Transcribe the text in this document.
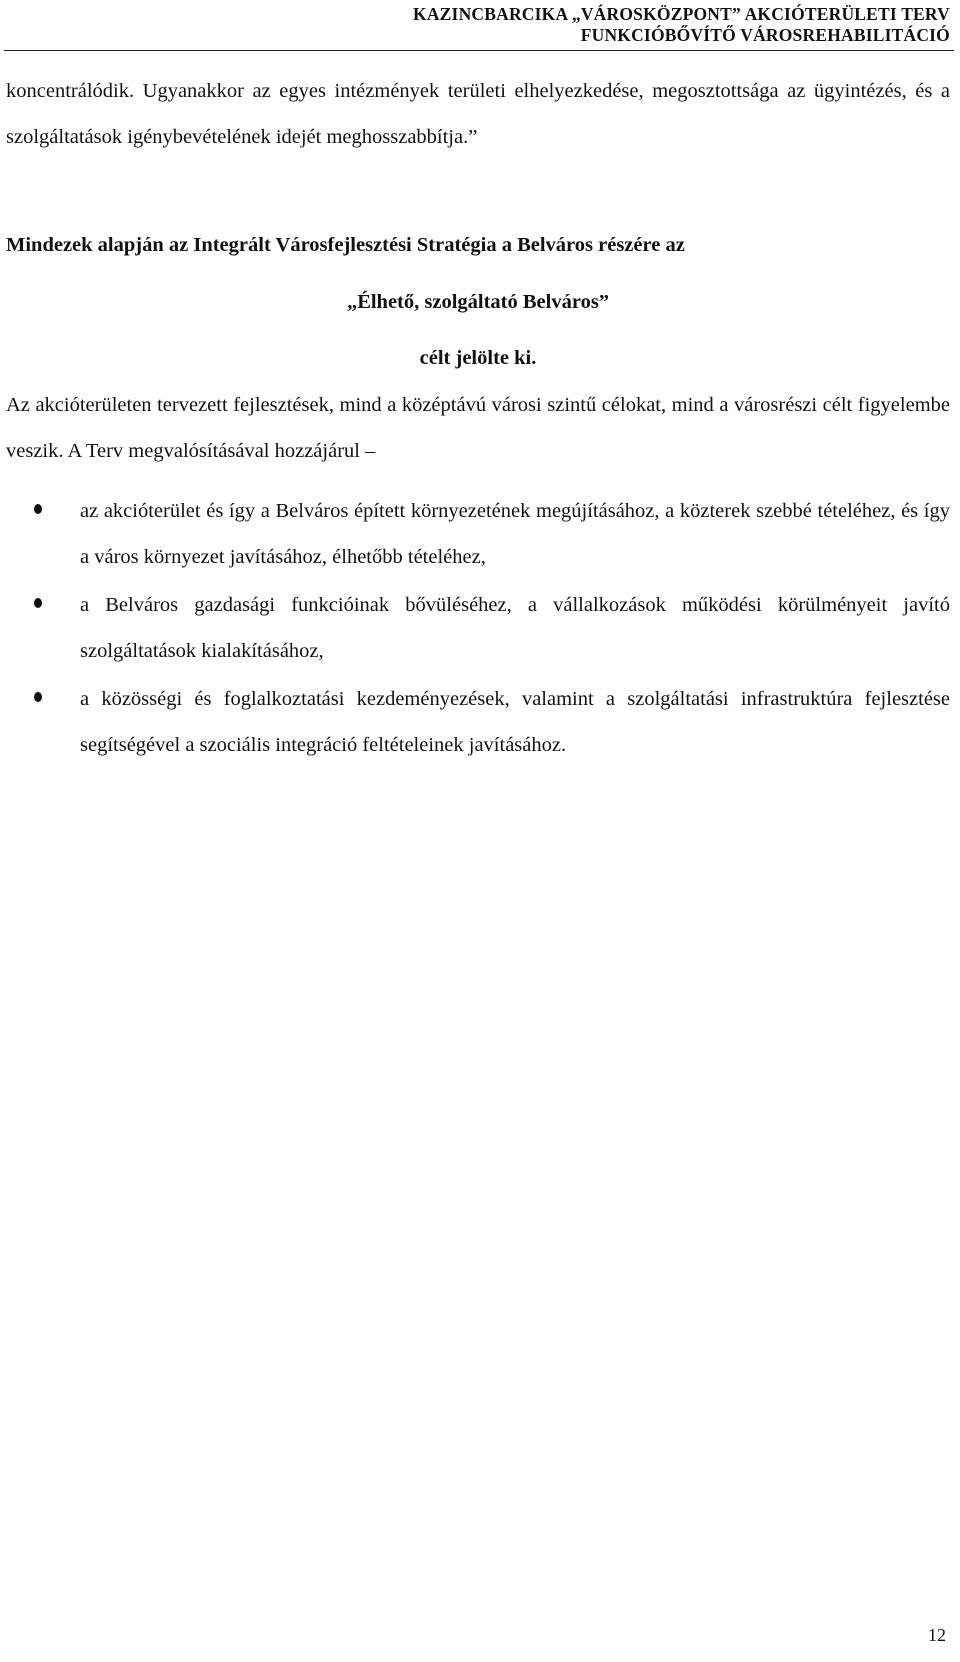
KAZINCBARCIKA „VÁROSKÖZPONT” AKCIÓTERÜLETI TERV
FUNKCIÓBŐVÍTŐ VÁROSREHABILITÁCIÓ

koncentrálódik. Ugyanakkor az egyes intézmények területi elhelyezkedése, megosztottsága az ügyintézés, és a szolgáltatások igénybevételének idejét meghosszabbítja.”

Mindezek alapján az Integrált Városfejlesztési Stratégia a Belváros részére az

„Élhető, szolgáltató Belváros”

célt jelölte ki.

Az akcióterületen tervezett fejlesztések, mind a középtávú városi szintű célokat, mind a városrészi célt figyelembe veszik. A Terv megvalósításával hozzájárul –

az akcióterület és így a Belváros épített környezetének megújításához, a közterek szebbé tételéhez, és így a város környezet javításához, élhetőbb tételéhez,
a Belváros gazdasági funkcióinak bővüléséhez, a vállalkozások működési körülményeit javító szolgáltatások kialakításához,
a közösségi és foglalkoztatási kezdeményezések, valamint a szolgáltatási infrastruktúra fejlesztése segítségével a szociális integráció feltételeinek javításához.
12
